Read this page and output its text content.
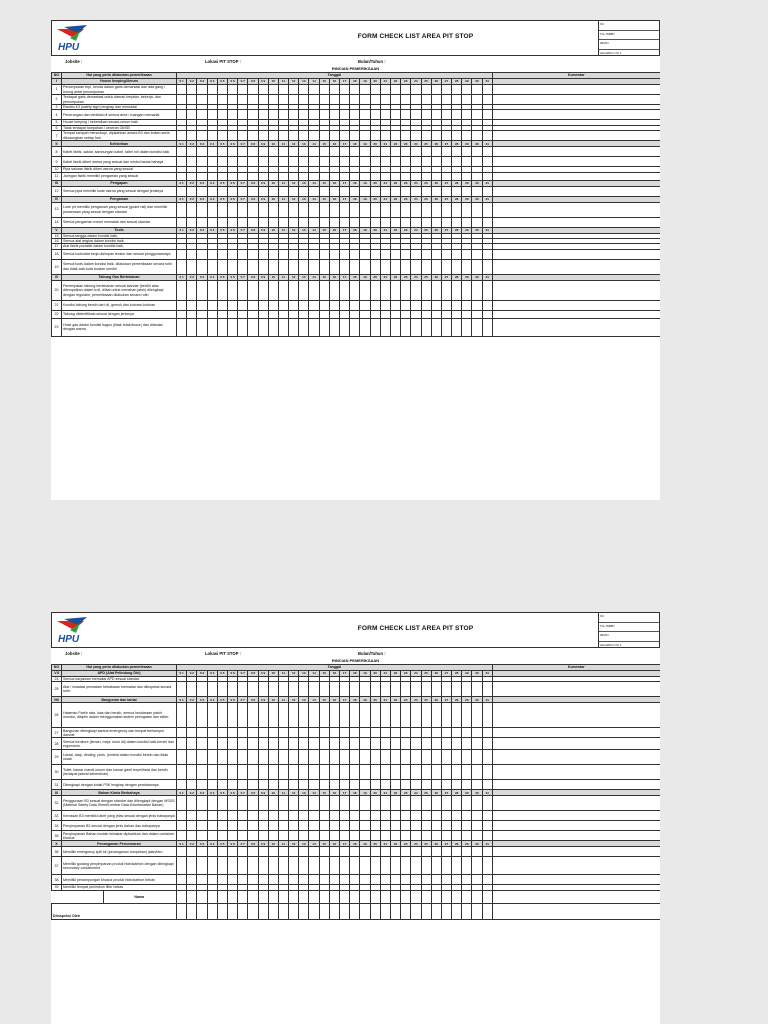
HPU
FORM CHECK LIST AREA PIT STOP
NO
TGL TERBIT
REVISI
HALAMAN 1 OF 2
Jobsite :	Lokasi PIT STOP :	Bulan/Tahun :
RINCIAN PEMERIKSAAN
NO	Hal yang perlu dilakukan pemeriksaan	Tanggal																															Komentar
I	House keeping/Umum	0 1	0 2	0 3	0 4	0 5	0 6	0 7	0 8	0 9	10	11	12	13	14	15	16	17	18	19	20	21	22	23	24	25	26	27	28	29	30	31	
1	Penumpukan tepi, benda dalam garis demarkasi dan ada gang / lorong antar penumpukan																																
2	Terdapat garis demarkasi untuk daerah kerjalan, bekerja, dan penumpukan																																
3	Rambu K3 (safety sign) lengkap dan memadai																																
4	Penerangan dan ventilasi di semua area / ruangan memadai																																
5	House keeping / kebersihan secara umum baik																																
6	Tidak terdapat tumpahan / ceceran Oli/SB																																
7	Tempat sampah mencukupi, dipisahkan antara B3 dan bukan serta dikosongkan setiap hari																																
II	Kelistrikan	0 1	0 2	0 3	0 4	0 5	0 6	0 7	0 8	0 9	10	11	12	13	14	15	16	17	18	19	20	21	22	23	24	25	26	27	28	29	30	31	
8	Kabel listrik, saklar, sambungan kabel, tabel roll dalam kondisi baik																																
9	Kabel listrik diberi warna yang sesuai dan simbol tanda bahaya																																
10	Pipa saluran listrik diberi warna yang sesuai																																
11	Jaringan listrik memiliki pengaman yang sesuai																																
III	Pengapan	0 1	0 2	0 3	0 4	0 5	0 6	0 7	0 8	0 9	10	11	12	13	14	15	16	17	18	19	20	21	22	23	24	25	26	27	28	29	30	31	
12	Semua pipa memiliki kode warna yang sesuai dengan jenisnya																																
IV	Pengaman	0 1	0 2	0 3	0 4	0 5	0 6	0 7	0 8	0 9	10	11	12	13	14	15	16	17	18	19	20	21	22	23	24	25	26	27	28	29	30	31	
13	Lube pit memiliki pengaman yang sesuai (guard rail) dan memiliki pewarnaan yang sesuai dengan standar																																
14	Semua pengaman mesin memadai dan sesuai standar																																
V	Tools	0 1	0 2	0 3	0 4	0 5	0 6	0 7	0 8	0 9	10	11	12	13	14	15	16	17	18	19	20	21	22	23	24	25	26	27	28	29	30	31	
15	Semua tangga dalam kondisi baik,																																
16	Semua alat angkat dalam kondisi baik,																																
17	Alat listrik portable dalam kondisi baik,																																
18	Semua tools/alat kerja disimpan teratur dan sesuai penggunaannya																																
19	Semua tools dalam kondisi baik, dilakukan pemeriksaan secara rutin dan tidak ada tools buatan sendiri																																
VI	Tabung Gas Bertekanan	0 1	0 2	0 3	0 4	0 5	0 6	0 7	0 8	0 9	10	11	12	13	14	15	16	17	18	19	20	21	22	23	24	25	26	27	28	29	30	31	
20	Penempatan tabung bertekanan sesuai standar (berdiri atau ditempatkan dalam troli, diikat untuk menahan jatuh) dilengkapi dengan regulator, pemeriksaan dilakukan secara rutin																																
21	Kondisi tabung bersih dari oli, gemuk dan kotoran-kotoran																																
22	Tabung diidentifikasi sesuai dengan jenisnya																																
23	Hose gas dalam kondisi bagus (tidak retak/bocor) dan ditandai dengan warna																																
HPU
FORM CHECK LIST AREA PIT STOP
NO
TGL TERBIT
REVISI
HALAMAN 2 OF 2
Jobsite :	Lokasi PIT STOP :	Bulan/Tahun :
RINCIAN PEMERIKSAAN
NO	Hal yang perlu dilakukan pemeriksaan	Tanggal																															Komentar
VII	APD (Alat Pelindung Diri)	0 1	0 2	0 3	0 4	0 5	0 6	0 7	0 8	0 9	10	11	12	13	14	15	16	17	18	19	20	21	22	23	24	25	26	27	28	29	30	31	
24	Semua karyawan memakai APD sesuai standar.																																
25	Alat / instalasi pemadam kebakaran memadai dan diinspeksi secara rutin.																																
VIII	Bangunan dan lantai	0 1	0 2	0 3	0 4	0 5	0 6	0 7	0 8	0 9	10	11	12	13	14	15	16	17	18	19	20	21	22	23	24	25	26	27	28	29	30	31	
26	Halaman Parkir rata, luas dan bersih, semua kendaraan parkir mundur, disiplin dalam menggunakan sistem peringatan dan stiker.																																
27	Bangunan dilengkapi sarana emergency dan tempat berkumpul darurat																																
28	Semua furniture (lemari, meja, kursi dll) dalam kondisi baik bersih dan ergonomis.																																
29	Lantai, atap, dinding, pintu, jendela dalam kondisi bersih dan tidak rusak																																
30	Toilet, kamar mandi umum dan kamar ganti terpelihara dan bersih (terdapat jadwal kebersihan)																																
31	Dilengkapi dengan kotak P3K lengkap dengan peralatannya																																
IX	Bahan Kimia Berbahaya	0 1	0 2	0 3	0 4	0 5	0 6	0 7	0 8	0 9	10	11	12	13	14	15	16	17	18	19	20	21	22	23	24	25	26	27	28	29	30	31	
32	Penggunaan B3 sesuai dengan standar dan dilengkapi dengan MSDS (Material Safety Data Sheet/Lembar Data Keselamatan Bahan)																																
33	Kemasan B3 memiliki label yang jelas sesuai dengan jenis bahayanya																																
34	Penyimpanan B3 sesuai dengan jenis bahan dan bahayanya																																
35	Penyimpanan Bahan mudah terbakar dipisahkan dan dalam container khusus																																
X	Penanganan Pencemaran	0 1	0 2	0 3	0 4	0 5	0 6	0 7	0 8	0 9	10	11	12	13	14	15	16	17	18	19	20	21	22	23	24	25	26	27	28	29	30	31	
36	Memiliki emergency spill kit (penanganan tumpahan) jalan/ben																																
37	Memiliki gudang penyimpanan produk hidrokarbon dengan dilengkapi secondary containment																																
38	Memiliki penampungan khusus produk hidrokarbon bekas																																
39	Memiliki tempat penimbun filter bekas																																

Nama																																	

Diinspeksi Oleh																																	
